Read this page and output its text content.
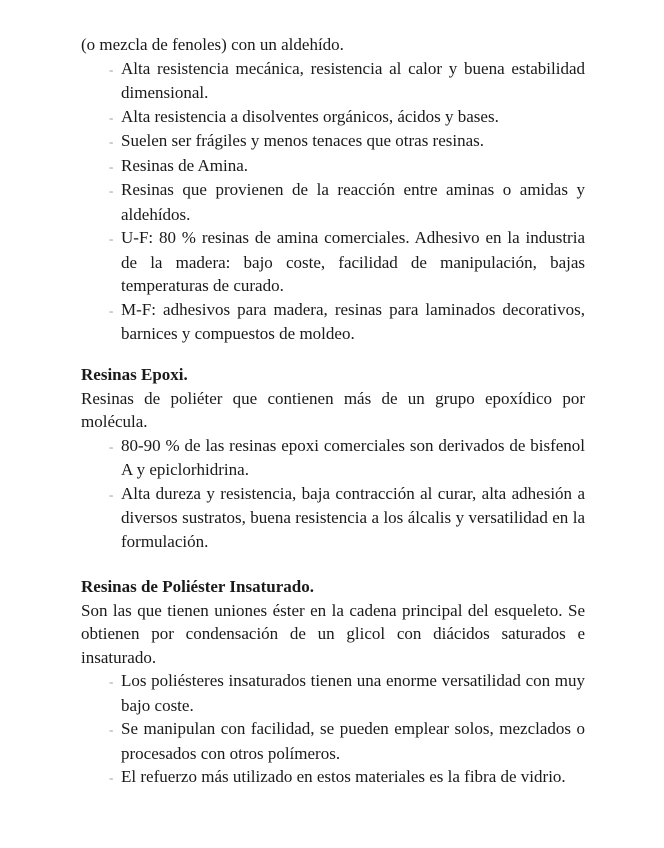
(o mezcla de fenoles) con un aldehído.

- Alta resistencia mecánica, resistencia al calor y buena estabilidad dimensional.
- Alta resistencia a disolventes orgánicos, ácidos y bases.
- Suelen ser frágiles y menos tenaces que otras resinas.
- Resinas de Amina.
- Resinas que provienen de la reacción entre aminas o amidas y aldehídos.
- U-F: 80 % resinas de amina comerciales. Adhesivo en la industria de la madera: bajo coste, facilidad de manipulación, bajas temperaturas de curado.
- M-F: adhesivos para madera, resinas para laminados decorativos, barnices y compuestos de moldeo.
Resinas Epoxi.

Resinas de poliéter que contienen más de un grupo epoxídico por molécula.

- 80-90 % de las resinas epoxi comerciales son derivados de bisfenol A y epiclorhidrina.
- Alta dureza y resistencia, baja contracción al curar, alta adhesión a diversos sustratos, buena resistencia a los álcalis y versatilidad en la formulación.
Resinas de Poliéster Insaturado.

Son las que tienen uniones éster en la cadena principal del esqueleto. Se obtienen por condensación de un glicol con diácidos saturados e insaturado.

- Los poliésteres insaturados tienen una enorme versatilidad con muy bajo coste.
- Se manipulan con facilidad, se pueden emplear solos, mezclados o procesados con otros polímeros.
- El refuerzo más utilizado en estos materiales es la fibra de vidrio.
